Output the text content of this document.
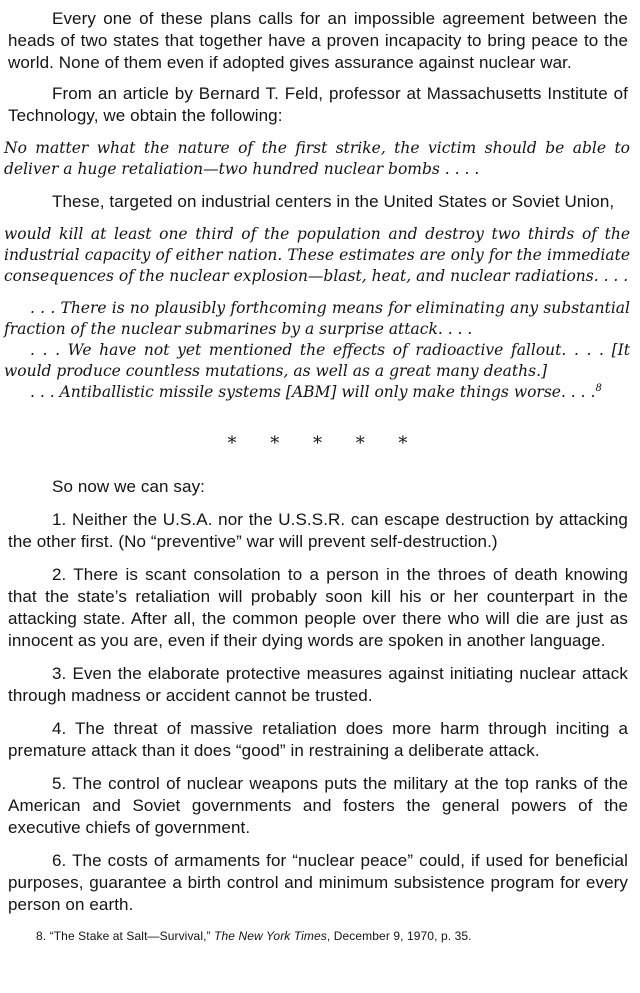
Every one of these plans calls for an impossible agreement between the heads of two states that together have a proven incapacity to bring peace to the world. None of them even if adopted gives assurance against nuclear war.

From an article by Bernard T. Feld, professor at Massachusetts Institute of Technology, we obtain the following:

No matter what the nature of the first strike, the victim should be able to deliver a huge retaliation—two hundred nuclear bombs . . . .

These, targeted on industrial centers in the United States or Soviet Union,

would kill at least one third of the population and destroy two thirds of the industrial capacity of either nation. These estimates are only for the immediate consequences of the nuclear explosion—blast, heat, and nuclear radiations. . . .

. . . There is no plausibly forthcoming means for eliminating any substantial fraction of the nuclear submarines by a surprise attack. . . .

. . . We have not yet mentioned the effects of radioactive fallout. . . . [It would produce countless mutations, as well as a great many deaths.]

. . . Antiballistic missile systems [ABM] will only make things worse. . . .$^8$

* * * * *

So now we can say:

1. Neither the U.S.A. nor the U.S.S.R. can escape destruction by attacking the other first. (No “preventive” war will prevent self-destruction.)

2. There is scant consolation to a person in the throes of death knowing that the state’s retaliation will probably soon kill his or her counterpart in the attacking state. After all, the common people over there who will die are just as innocent as you are, even if their dying words are spoken in another language.

3. Even the elaborate protective measures against initiating nuclear attack through madness or accident cannot be trusted.

4. The threat of massive retaliation does more harm through inciting a premature attack than it does “good” in restraining a deliberate attack.

5. The control of nuclear weapons puts the military at the top ranks of the American and Soviet governments and fosters the general powers of the executive chiefs of government.

6. The costs of armaments for “nuclear peace” could, if used for beneficial purposes, guarantee a birth control and minimum subsistence program for every person on earth.

8. “The Stake at Salt—Survival,” The New York Times, December 9, 1970, p. 35.
